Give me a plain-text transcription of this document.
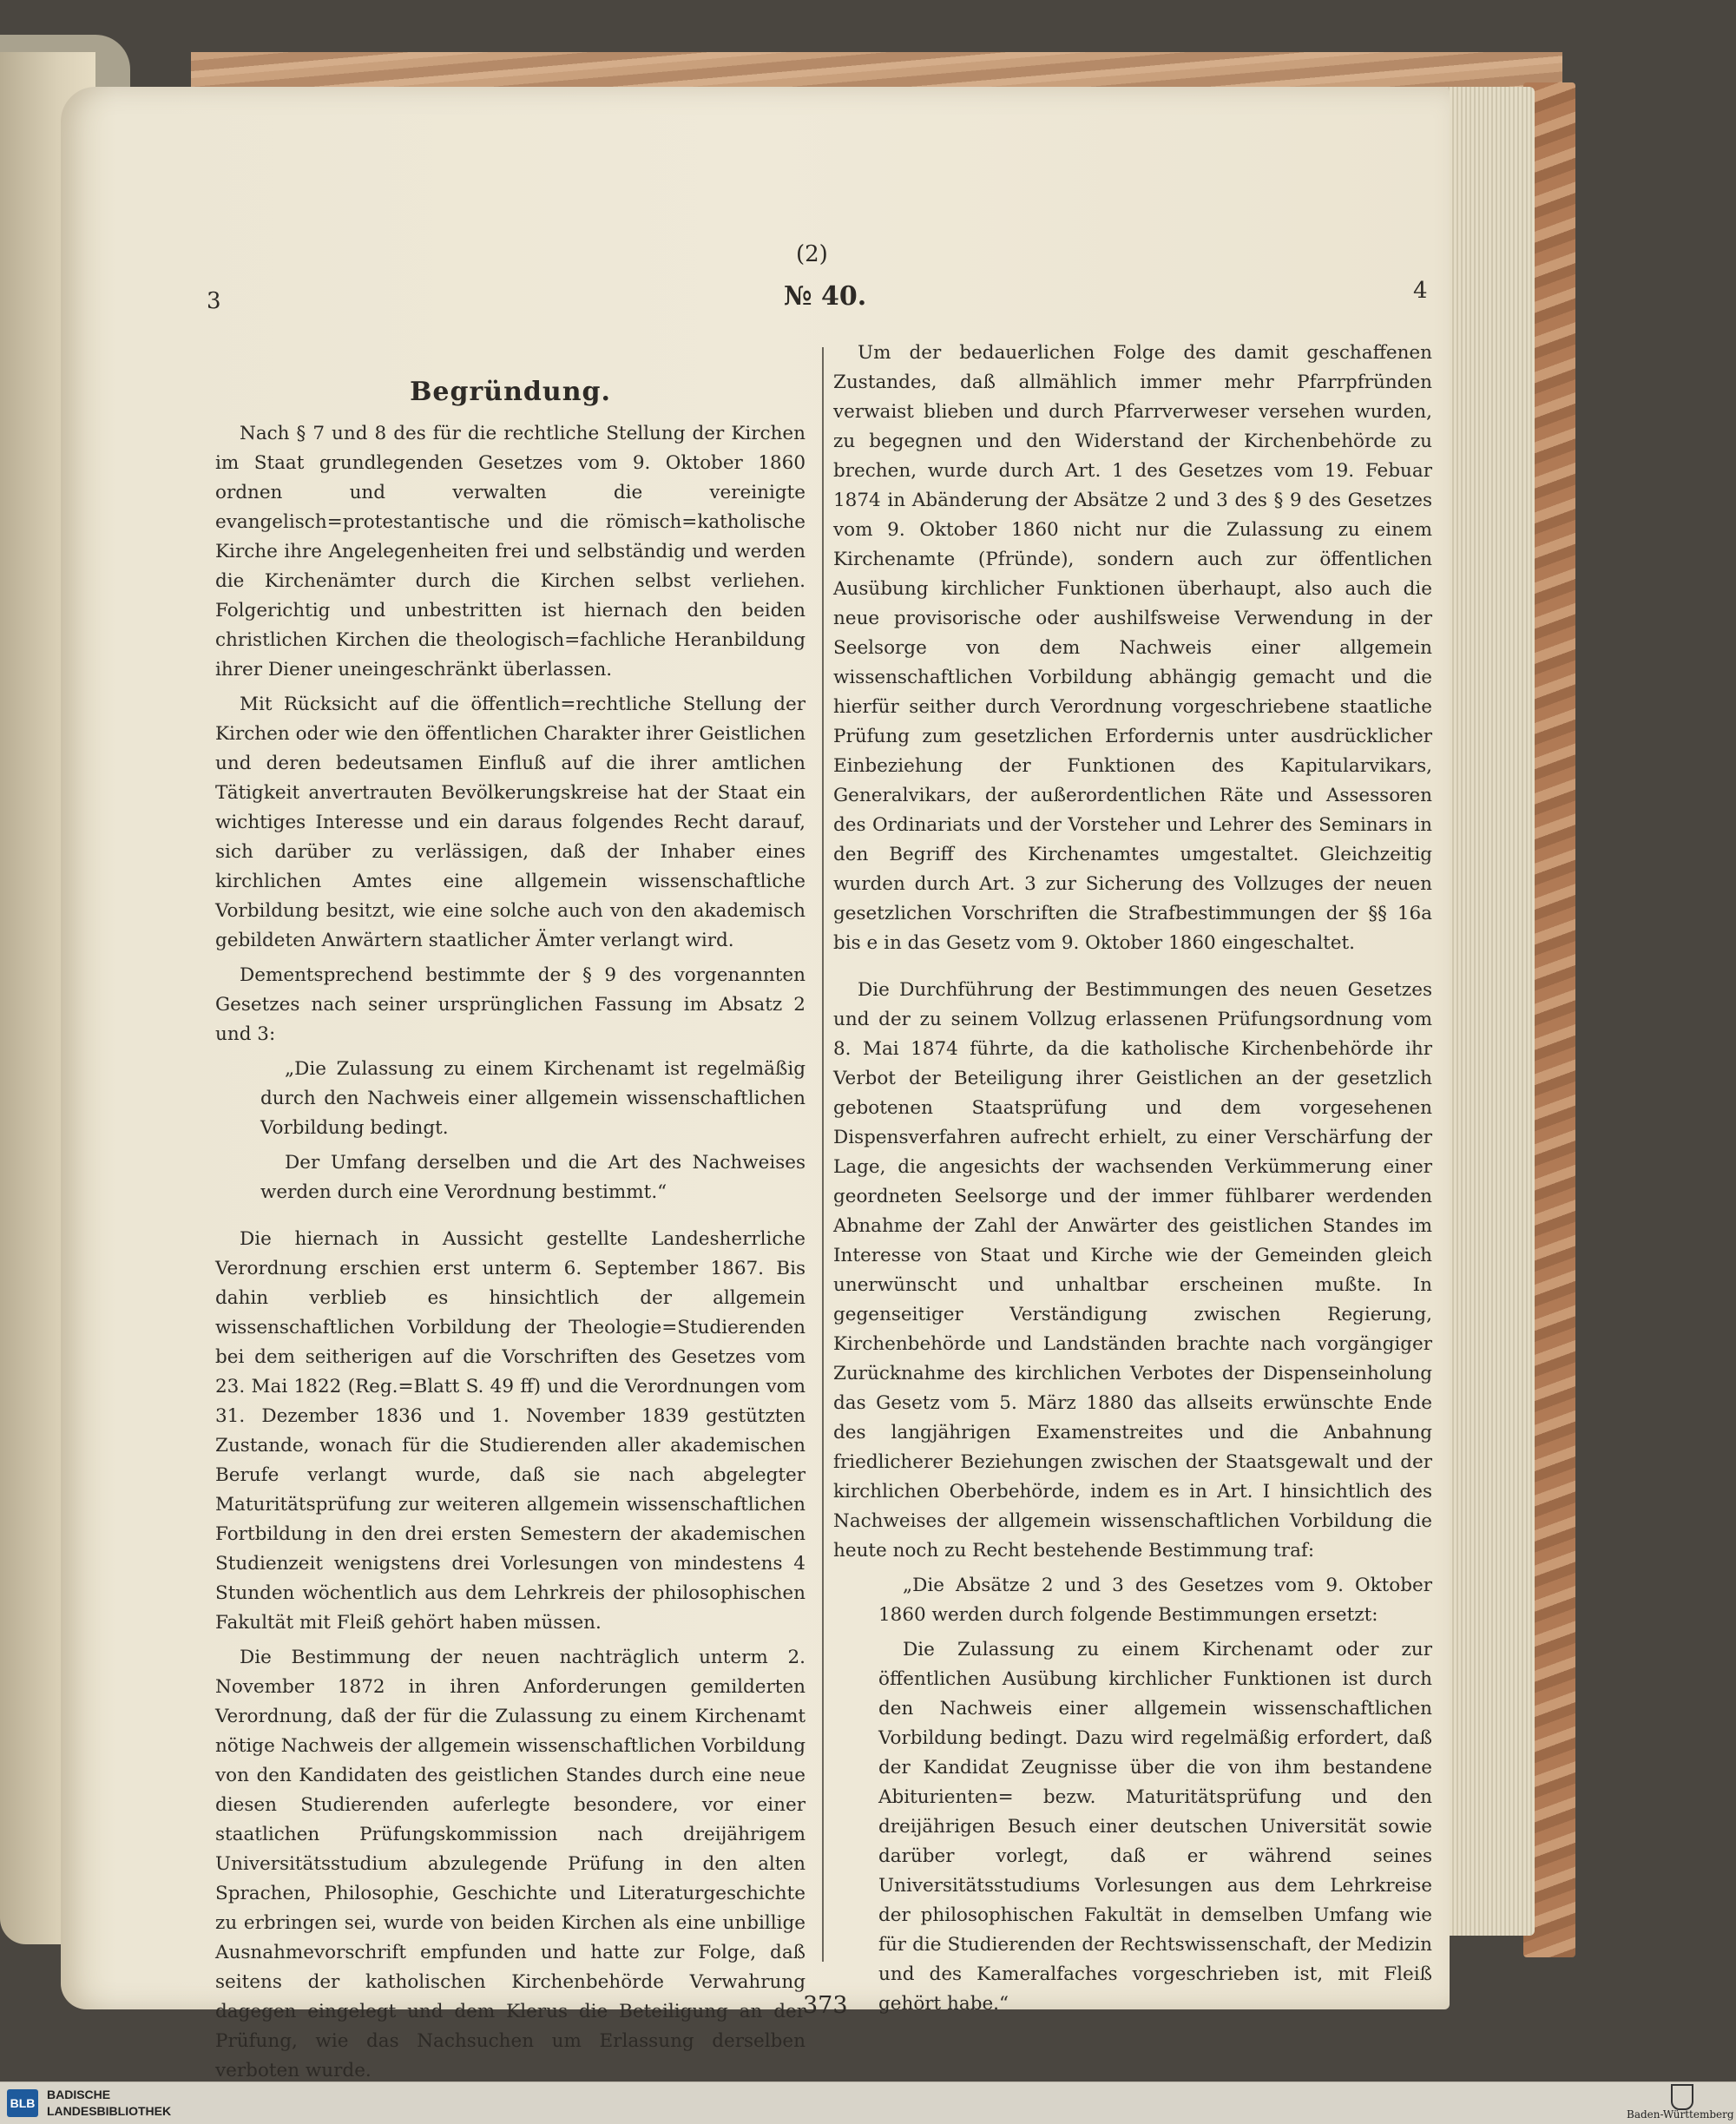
(2)
3	№ 40.	4
Begründung.

Nach § 7 und 8 des für die rechtliche Stellung der Kirchen im Staat grundlegenden Gesetzes vom 9. Oktober 1860 ordnen und verwalten die vereinigte evangelisch=protestantische und die römisch=katholische Kirche ihre Angelegenheiten frei und selbständig und werden die Kirchenämter durch die Kirchen selbst verliehen. Folgerichtig und unbestritten ist hiernach den beiden christlichen Kirchen die theologisch=fachliche Heranbildung ihrer Diener uneingeschränkt überlassen.

Mit Rücksicht auf die öffentlich=rechtliche Stellung der Kirchen oder wie den öffentlichen Charakter ihrer Geistlichen und deren bedeutsamen Einfluß auf die ihrer amtlichen Tätigkeit anvertrauten Bevölkerungskreise hat der Staat ein wichtiges Interesse und ein daraus folgendes Recht darauf, sich darüber zu verlässigen, daß der Inhaber eines kirchlichen Amtes eine allgemein wissenschaftliche Vorbildung besitzt, wie eine solche auch von den akademisch gebildeten Anwärtern staatlicher Ämter verlangt wird.

Dementsprechend bestimmte der § 9 des vorgenannten Gesetzes nach seiner ursprünglichen Fassung im Absatz 2 und 3:

„Die Zulassung zu einem Kirchenamt ist regelmäßig durch den Nachweis einer allgemein wissenschaftlichen Vorbildung bedingt.

Der Umfang derselben und die Art des Nachweises werden durch eine Verordnung bestimmt.“

Die hiernach in Aussicht gestellte Landesherrliche Verordnung erschien erst unterm 6. September 1867. Bis dahin verblieb es hinsichtlich der allgemein wissenschaftlichen Vorbildung der Theologie=Studierenden bei dem seitherigen auf die Vorschriften des Gesetzes vom 23. Mai 1822 (Reg.=Blatt S. 49 ff) und die Verordnungen vom 31. Dezember 1836 und 1. November 1839 gestützten Zustande, wonach für die Studierenden aller akademischen Berufe verlangt wurde, daß sie nach abgelegter Maturitätsprüfung zur weiteren allgemein wissenschaftlichen Fortbildung in den drei ersten Semestern der akademischen Studienzeit wenigstens drei Vorlesungen von mindestens 4 Stunden wöchentlich aus dem Lehrkreis der philosophischen Fakultät mit Fleiß gehört haben müssen.

Die Bestimmung der neuen nachträglich unterm 2. November 1872 in ihren Anforderungen gemilderten Verordnung, daß der für die Zulassung zu einem Kirchenamt nötige Nachweis der allgemein wissenschaftlichen Vorbildung von den Kandidaten des geistlichen Standes durch eine neue diesen Studierenden auferlegte besondere, vor einer staatlichen Prüfungskommission nach dreijährigem Universitätsstudium abzulegende Prüfung in den alten Sprachen, Philosophie, Geschichte und Literaturgeschichte zu erbringen sei, wurde von beiden Kirchen als eine unbillige Ausnahmevorschrift empfunden und hatte zur Folge, daß seitens der katholischen Kirchenbehörde Verwahrung dagegen eingelegt und dem Klerus die Beteiligung an der Prüfung, wie das Nachsuchen um Erlassung derselben verboten wurde.

Um der bedauerlichen Folge des damit geschaffenen Zustandes, daß allmählich immer mehr Pfarrpfründen verwaist blieben und durch Pfarrverweser versehen wurden, zu begegnen und den Widerstand der Kirchenbehörde zu brechen, wurde durch Art. 1 des Gesetzes vom 19. Febuar 1874 in Abänderung der Absätze 2 und 3 des § 9 des Gesetzes vom 9. Oktober 1860 nicht nur die Zulassung zu einem Kirchenamte (Pfründe), sondern auch zur öffentlichen Ausübung kirchlicher Funktionen überhaupt, also auch die neue provisorische oder aushilfsweise Verwendung in der Seelsorge von dem Nachweis einer allgemein wissenschaftlichen Vorbildung abhängig gemacht und die hierfür seither durch Verordnung vorgeschriebene staatliche Prüfung zum gesetzlichen Erfordernis unter ausdrücklicher Einbeziehung der Funktionen des Kapitularvikars, Generalvikars, der außerordentlichen Räte und Assessoren des Ordinariats und der Vorsteher und Lehrer des Seminars in den Begriff des Kirchenamtes umgestaltet. Gleichzeitig wurden durch Art. 3 zur Sicherung des Vollzuges der neuen gesetzlichen Vorschriften die Strafbestimmungen der §§ 16a bis e in das Gesetz vom 9. Oktober 1860 eingeschaltet.

Die Durchführung der Bestimmungen des neuen Gesetzes und der zu seinem Vollzug erlassenen Prüfungsordnung vom 8. Mai 1874 führte, da die katholische Kirchenbehörde ihr Verbot der Beteiligung ihrer Geistlichen an der gesetzlich gebotenen Staatsprüfung und dem vorgesehenen Dispensverfahren aufrecht erhielt, zu einer Verschärfung der Lage, die angesichts der wachsenden Verkümmerung einer geordneten Seelsorge und der immer fühlbarer werdenden Abnahme der Zahl der Anwärter des geistlichen Standes im Interesse von Staat und Kirche wie der Gemeinden gleich unerwünscht und unhaltbar erscheinen mußte. In gegenseitiger Verständigung zwischen Regierung, Kirchenbehörde und Landständen brachte nach vorgängiger Zurücknahme des kirchlichen Verbotes der Dispenseinholung das Gesetz vom 5. März 1880 das allseits erwünschte Ende des langjährigen Examenstreites und die Anbahnung friedlicherer Beziehungen zwischen der Staatsgewalt und der kirchlichen Oberbehörde, indem es in Art. I hinsichtlich des Nachweises der allgemein wissenschaftlichen Vorbildung die heute noch zu Recht bestehende Bestimmung traf:

„Die Absätze 2 und 3 des Gesetzes vom 9. Oktober 1860 werden durch folgende Bestimmungen ersetzt:

Die Zulassung zu einem Kirchenamt oder zur öffentlichen Ausübung kirchlicher Funktionen ist durch den Nachweis einer allgemein wissenschaftlichen Vorbildung bedingt. Dazu wird regelmäßig erfordert, daß der Kandidat Zeugnisse über die von ihm bestandene Abiturienten= bezw. Maturitätsprüfung und den dreijährigen Besuch einer deutschen Universität sowie darüber vorlegt, daß er während seines Universitätsstudiums Vorlesungen aus dem Lehrkreise der philosophischen Fakultät in demselben Umfang wie für die Studierenden der Rechtswissenschaft, der Medizin und des Kameralfaches vorgeschrieben ist, mit Fleiß gehört habe.“

373
BLB
BADISCHE
LANDESBIBLIOTHEK	Baden-Württemberg
